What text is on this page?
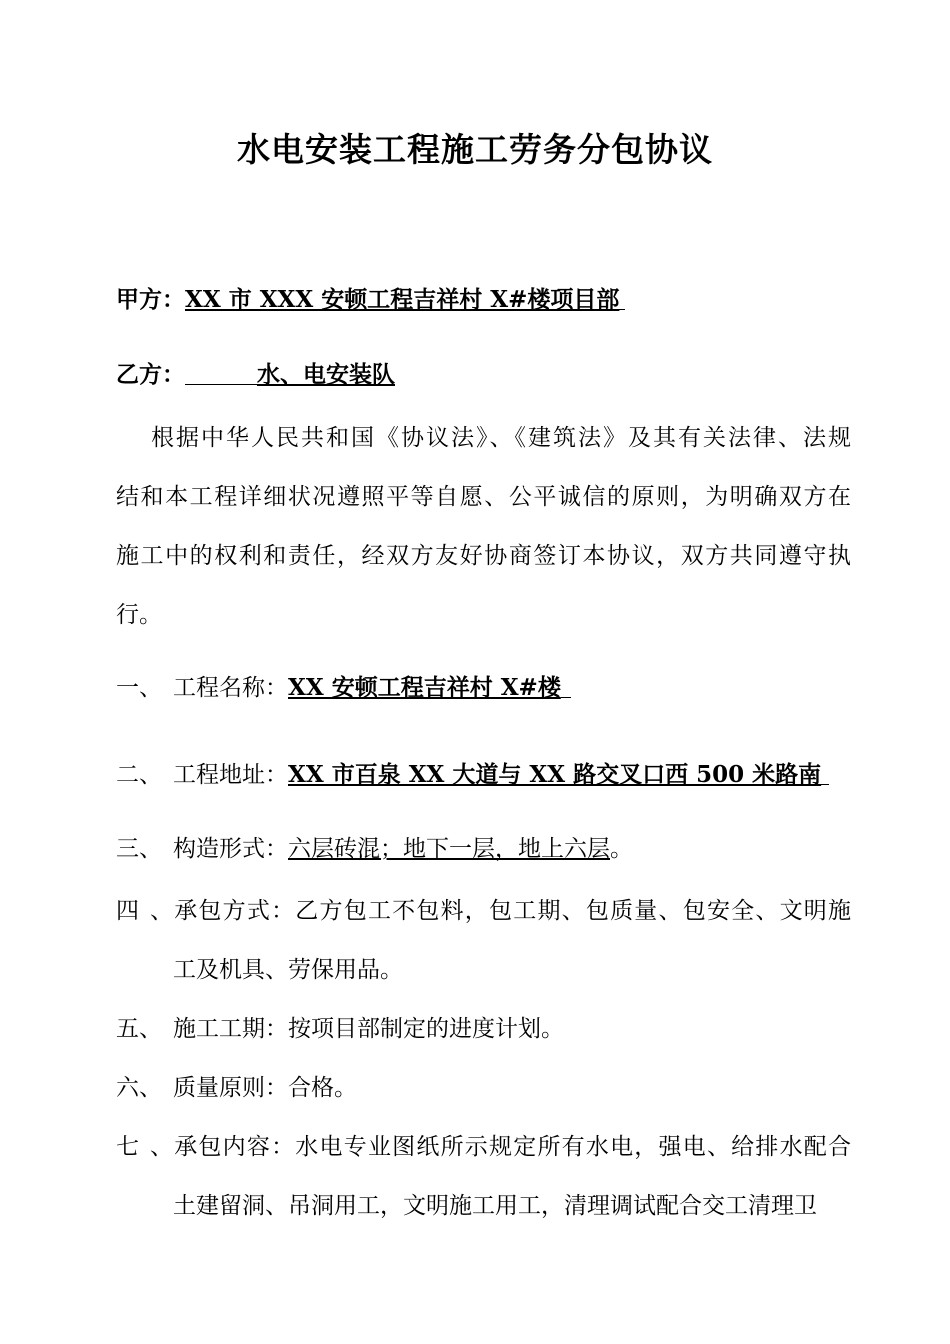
水电安装工程施工劳务分包协议
甲方：XX 市 XXX 安顿工程吉祥村 X#楼项目部
乙方：	水、电安装队
根据中华人民共和国《协议法》、《建筑法》及其有关法律、法规
结和本工程详细状况遵照平等自愿、公平诚信的原则，为明确双方在
施工中的权利和责任，经双方友好协商签订本协议，双方共同遵守执
行。
一、 工程名称：XX 安顿工程吉祥村 X#楼
二、 工程地址：XX 市百泉 XX 大道与 XX 路交叉口西 500 米路南
三、 构造形式：六层砖混；地下一层，地上六层。
四、承包方式：乙方包工不包料，包工期、包质量、包安全、文明施
工及机具、劳保用品。
五、 施工工期：按项目部制定的进度计划。
六、 质量原则：合格。
七、承包内容：水电专业图纸所示规定所有水电，强电、给排水配合
土建留洞、吊洞用工，文明施工用工，清理调试配合交工清理卫
